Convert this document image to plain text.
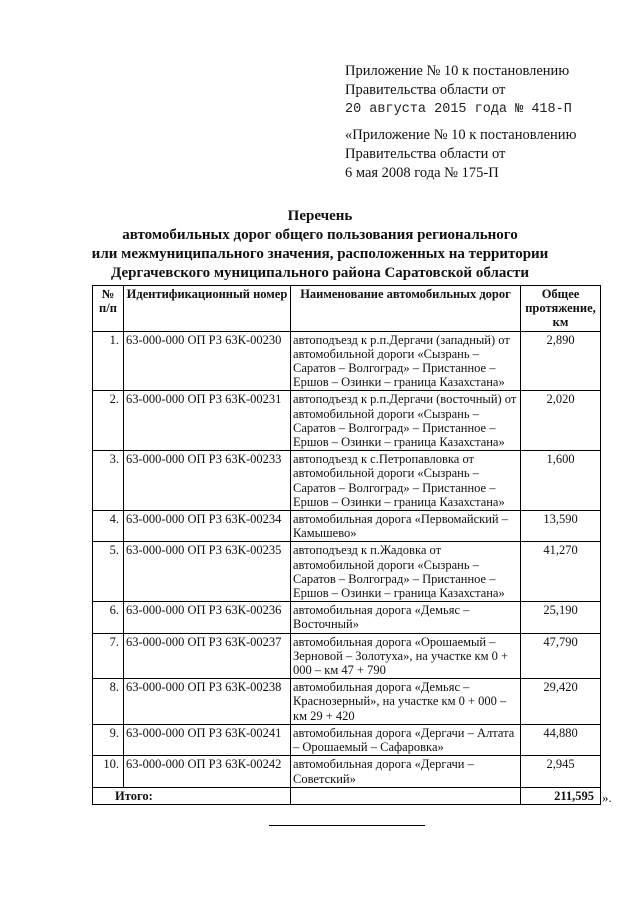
Приложение № 10 к постановлению
Правительства области от
20 августа 2015 года № 418-П
«Приложение № 10 к постановлению
Правительства области от
6 мая 2008 года № 175-П
Перечень
автомобильных дорог общего пользования регионального
или межмуниципального значения, расположенных на территории
Дергачевского муниципального района Саратовской области
№ п/п	Идентификационный номер	Наименование автомобильных дорог	Общее протяжение, км
1.	63-000-000 ОП РЗ 63К-00230	автоподъезд к р.п.Дергачи (западный) от автомобильной дороги «Сызрань – Саратов – Волгоград» – Пристанное – Ершов – Озинки – граница Казахстана»	2,890
2.	63-000-000 ОП РЗ 63К-00231	автоподъезд к р.п.Дергачи (восточный) от автомобильной дороги «Сызрань – Саратов – Волгоград» – Пристанное – Ершов – Озинки – граница Казахстана»	2,020
3.	63-000-000 ОП РЗ 63К-00233	автоподъезд к с.Петропавловка от автомобильной дороги «Сызрань – Саратов – Волгоград» – Пристанное – Ершов – Озинки – граница Казахстана»	1,600
4.	63-000-000 ОП РЗ 63К-00234	автомобильная дорога «Первомайский – Камышево»	13,590
5.	63-000-000 ОП РЗ 63К-00235	автоподъезд к п.Жадовка от автомобильной дороги «Сызрань – Саратов – Волгоград» – Пристанное – Ершов – Озинки – граница Казахстана»	41,270
6.	63-000-000 ОП РЗ 63К-00236	автомобильная дорога «Демьяс – Восточный»	25,190
7.	63-000-000 ОП РЗ 63К-00237	автомобильная дорога «Орошаемый – Зерновой – Золотуха», на участке км 0 + 000 – км 47 + 790	47,790
8.	63-000-000 ОП РЗ 63К-00238	автомобильная дорога «Демьяс – Краснозерный», на участке км 0 + 000 – км 29 + 420	29,420
9.	63-000-000 ОП РЗ 63К-00241	автомобильная дорога «Дергачи – Алтата – Орошаемый – Сафаровка»	44,880
10.	63-000-000 ОП РЗ 63К-00242	автомобильная дорога «Дергачи – Советский»	2,945
Итого:			211,595 ».
